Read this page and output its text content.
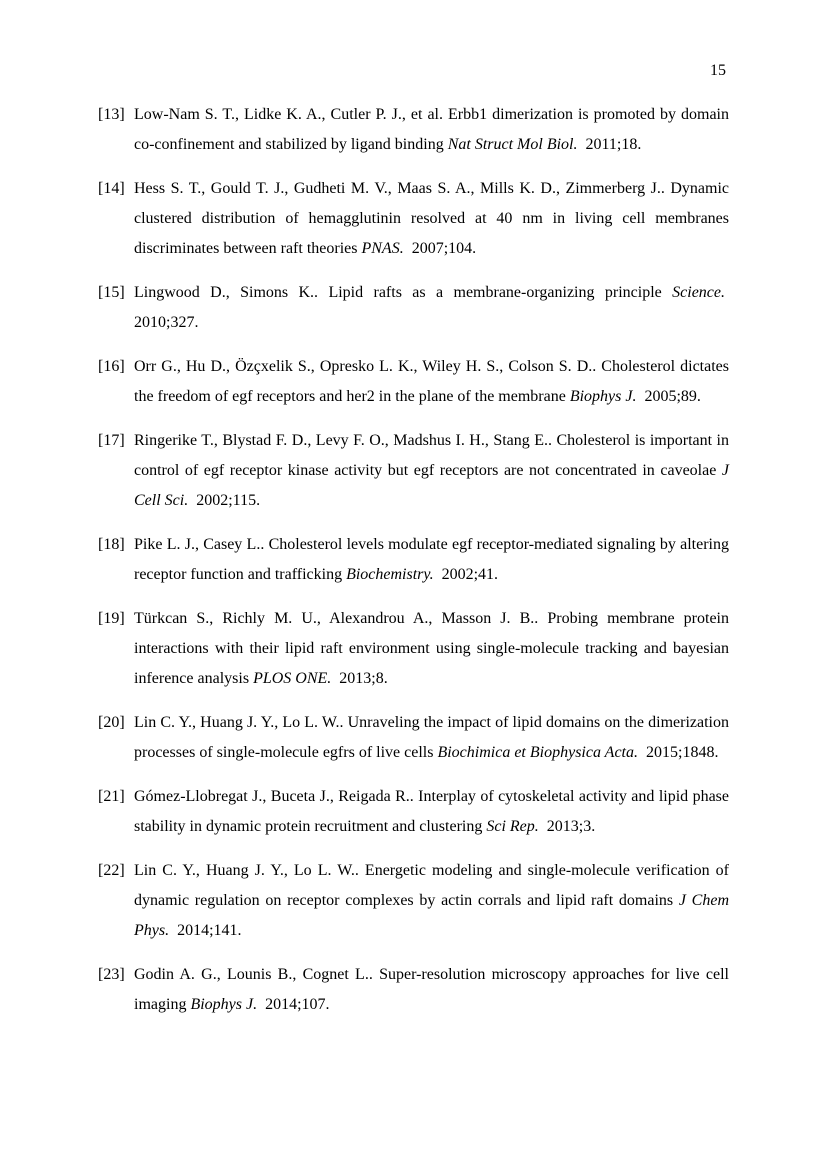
15
[13] Low-Nam S. T., Lidke K. A., Cutler P. J., et al. Erbb1 dimerization is promoted by domain co-confinement and stabilized by ligand binding Nat Struct Mol Biol. 2011;18.
[14] Hess S. T., Gould T. J., Gudheti M. V., Maas S. A., Mills K. D., Zimmerberg J.. Dynamic clustered distribution of hemagglutinin resolved at 40 nm in living cell membranes discriminates between raft theories PNAS. 2007;104.
[15] Lingwood D., Simons K.. Lipid rafts as a membrane-organizing principle Science.  2010;327.
[16] Orr G., Hu D., Özçxelik S., Opresko L. K., Wiley H. S., Colson S. D.. Cholesterol dictates the freedom of egf receptors and her2 in the plane of the membrane Biophys J. 2005;89.
[17] Ringerike T., Blystad F. D., Levy F. O., Madshus I. H., Stang E.. Cholesterol is important in control of egf receptor kinase activity but egf receptors are not concentrated in caveolae J Cell Sci. 2002;115.
[18] Pike L. J., Casey L.. Cholesterol levels modulate egf receptor-mediated signaling by altering receptor function and trafficking Biochemistry. 2002;41.
[19] Türkcan S., Richly M. U., Alexandrou A., Masson J. B.. Probing membrane protein interactions with their lipid raft environment using single-molecule tracking and bayesian inference analysis PLOS ONE. 2013;8.
[20] Lin C. Y., Huang J. Y., Lo L. W.. Unraveling the impact of lipid domains on the dimerization processes of single-molecule egfrs of live cells Biochimica et Biophysica Acta. 2015;1848.
[21] Gómez-Llobregat J., Buceta J., Reigada R.. Interplay of cytoskeletal activity and lipid phase stability in dynamic protein recruitment and clustering Sci Rep. 2013;3.
[22] Lin C. Y., Huang J. Y., Lo L. W.. Energetic modeling and single-molecule verification of dynamic regulation on receptor complexes by actin corrals and lipid raft domains J Chem Phys. 2014;141.
[23] Godin A. G., Lounis B., Cognet L.. Super-resolution microscopy approaches for live cell imaging Biophys J. 2014;107.
